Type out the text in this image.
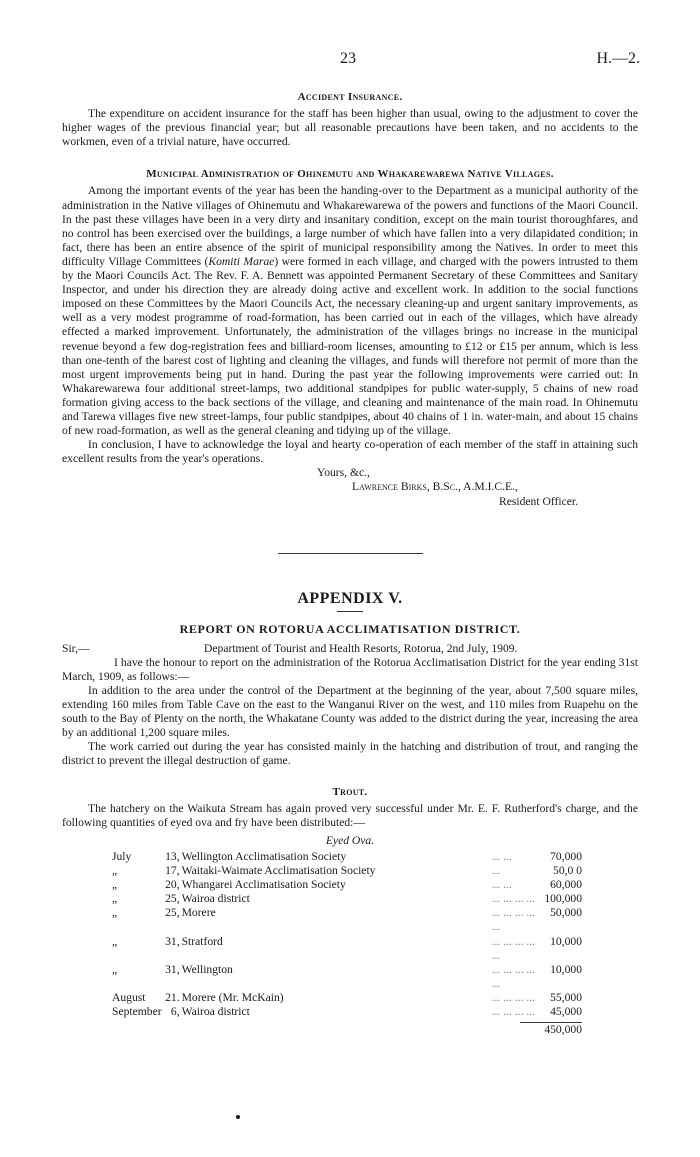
23	H.—2.
Accident Insurance.

The expenditure on accident insurance for the staff has been higher than usual, owing to the adjustment to cover the higher wages of the previous financial year; but all reasonable precautions have been taken, and no accidents to the workmen, even of a trivial nature, have occurred.

Municipal Administration of Ohinemutu and Whakarewarewa Native Villages.

Among the important events of the year has been the handing-over to the Department as a municipal authority of the administration in the Native villages of Ohinemutu and Whakarewarewa of the powers and functions of the Maori Council. In the past these villages have been in a very dirty and insanitary condition, except on the main tourist thoroughfares, and no control has been exercised over the buildings, a large number of which have fallen into a very dilapidated condition; in fact, there has been an entire absence of the spirit of municipal responsibility among the Natives. In order to meet this difficulty Village Committees (Komiti Marae) were formed in each village, and charged with the powers intrusted to them by the Maori Councils Act. The Rev. F. A. Bennett was appointed Permanent Secretary of these Committees and Sanitary Inspector, and under his direction they are already doing active and excellent work. In addition to the social functions imposed on these Committees by the Maori Councils Act, the necessary cleaning-up and urgent sanitary improvements, as well as a very modest programme of road-formation, has been carried out in each of the villages, which have already effected a marked improvement. Unfortunately, the administration of the villages brings no increase in the municipal revenue beyond a few dog-registration fees and billiard-room licenses, amounting to £12 or £15 per annum, which is less than one-tenth of the barest cost of lighting and cleaning the villages, and funds will therefore not permit of more than the most urgent improvements being put in hand. During the past year the following improvements were carried out: In Whakarewarewa four additional street-lamps, two additional standpipes for public water-supply, 5 chains of new road formation giving access to the back sections of the village, and cleaning and maintenance of the main road. In Ohinemutu and Tarewa villages five new street-lamps, four public standpipes, about 40 chains of 1 in. water-main, and about 15 chains of new road-formation, as well as the general cleaning and tidying up of the village.

In conclusion, I have to acknowledge the loyal and hearty co-operation of each member of the staff in attaining such excellent results from the year's operations.

Yours, &c.,
Lawrence Birks, B.Sc., A.M.I.C.E.,
Resident Officer.
APPENDIX V.
REPORT ON ROTORUA ACCLIMATISATION DISTRICT.
Sir,—	Department of Tourist and Health Resorts, Rotorua, 2nd July, 1909.

I have the honour to report on the administration of the Rotorua Acclimatisation District for the year ending 31st March, 1909, as follows:—

In addition to the area under the control of the Department at the beginning of the year, about 7,500 square miles, extending 160 miles from Table Cave on the east to the Wanganui River on the west, and 110 miles from Ruapehu on the south to the Bay of Plenty on the north, the Whakatane County was added to the district during the year, increasing the area by an additional 1,200 square miles.

The work carried out during the year has consisted mainly in the hatching and distribution of trout, and ranging the district to prevent the illegal destruction of game.

Trout.

The hatchery on the Waikuta Stream has again proved very successful under Mr. E. F. Rutherford's charge, and the following quantities of eyed ova and fry have been distributed:—

Eyed Ova.
July	13,	Wellington Acclimatisation Society	... ...	70,000
„	17,	Waitaki-Waimate Acclimatisation Society	...	50,0 0
„	20,	Whangarei Acclimatisation Society	... ...	60,000
„	25,	Wairoa district	... ... ... ...	100,000
„	25,	Morere	... ... ... ... ...	50,000
„	31,	Stratford	... ... ... ... ...	10,000
„	31,	Wellington	... ... ... ... ...	10,000
August	21.	Morere (Mr. McKain)	... ... ... ...	55,000
September	6,	Wairoa district	... ... ... ...	45,000
450,000
